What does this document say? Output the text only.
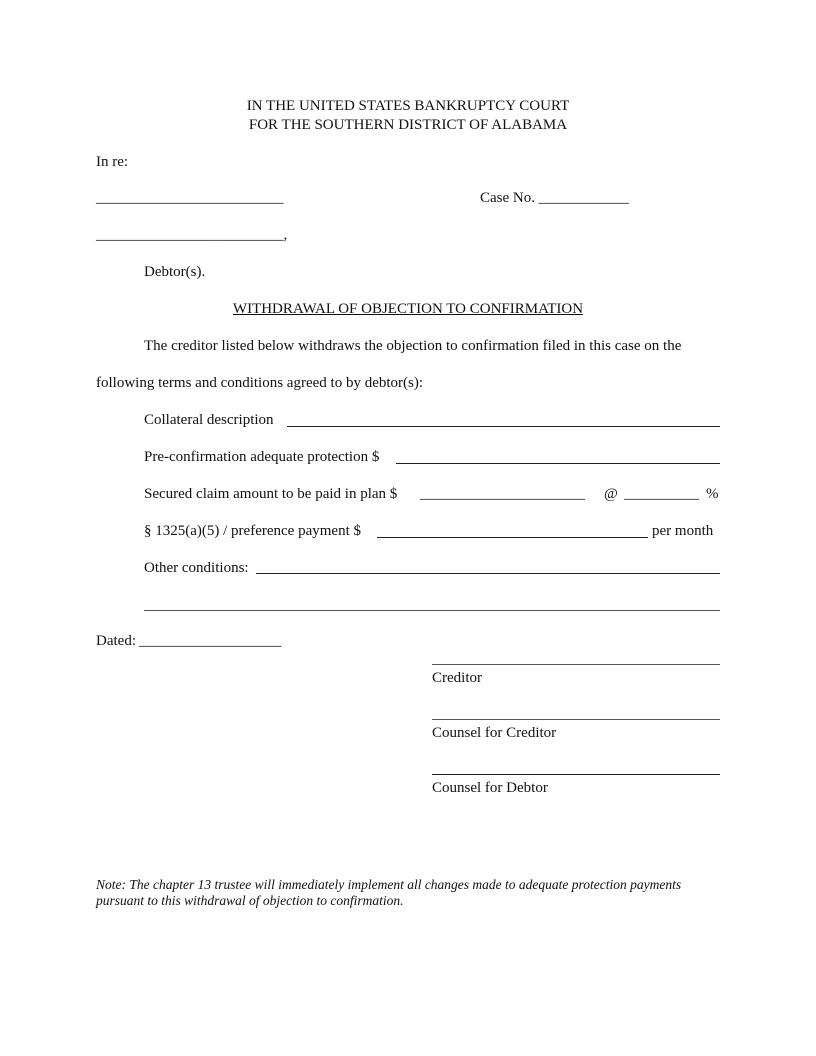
IN THE UNITED STATES BANKRUPTCY COURT
FOR THE SOUTHERN DISTRICT OF ALABAMA
In re:
_________________________	Case No. ____________
_________________________,
Debtor(s).
WITHDRAWAL OF OBJECTION TO CONFIRMATION
The creditor listed below withdraws the objection to confirmation filed in this case on the
following terms and conditions agreed to by debtor(s):
Collateral description
Pre-confirmation adequate protection $
Secured claim amount to be paid in plan $ ______________________ @ __________ %
§ 1325(a)(5) / preference payment $	per month
Other conditions:
Dated: ___________________
Creditor
Counsel for Creditor
Counsel for Debtor
Note: The chapter 13 trustee will immediately implement all changes made to adequate protection payments pursuant to this withdrawal of objection to confirmation.
